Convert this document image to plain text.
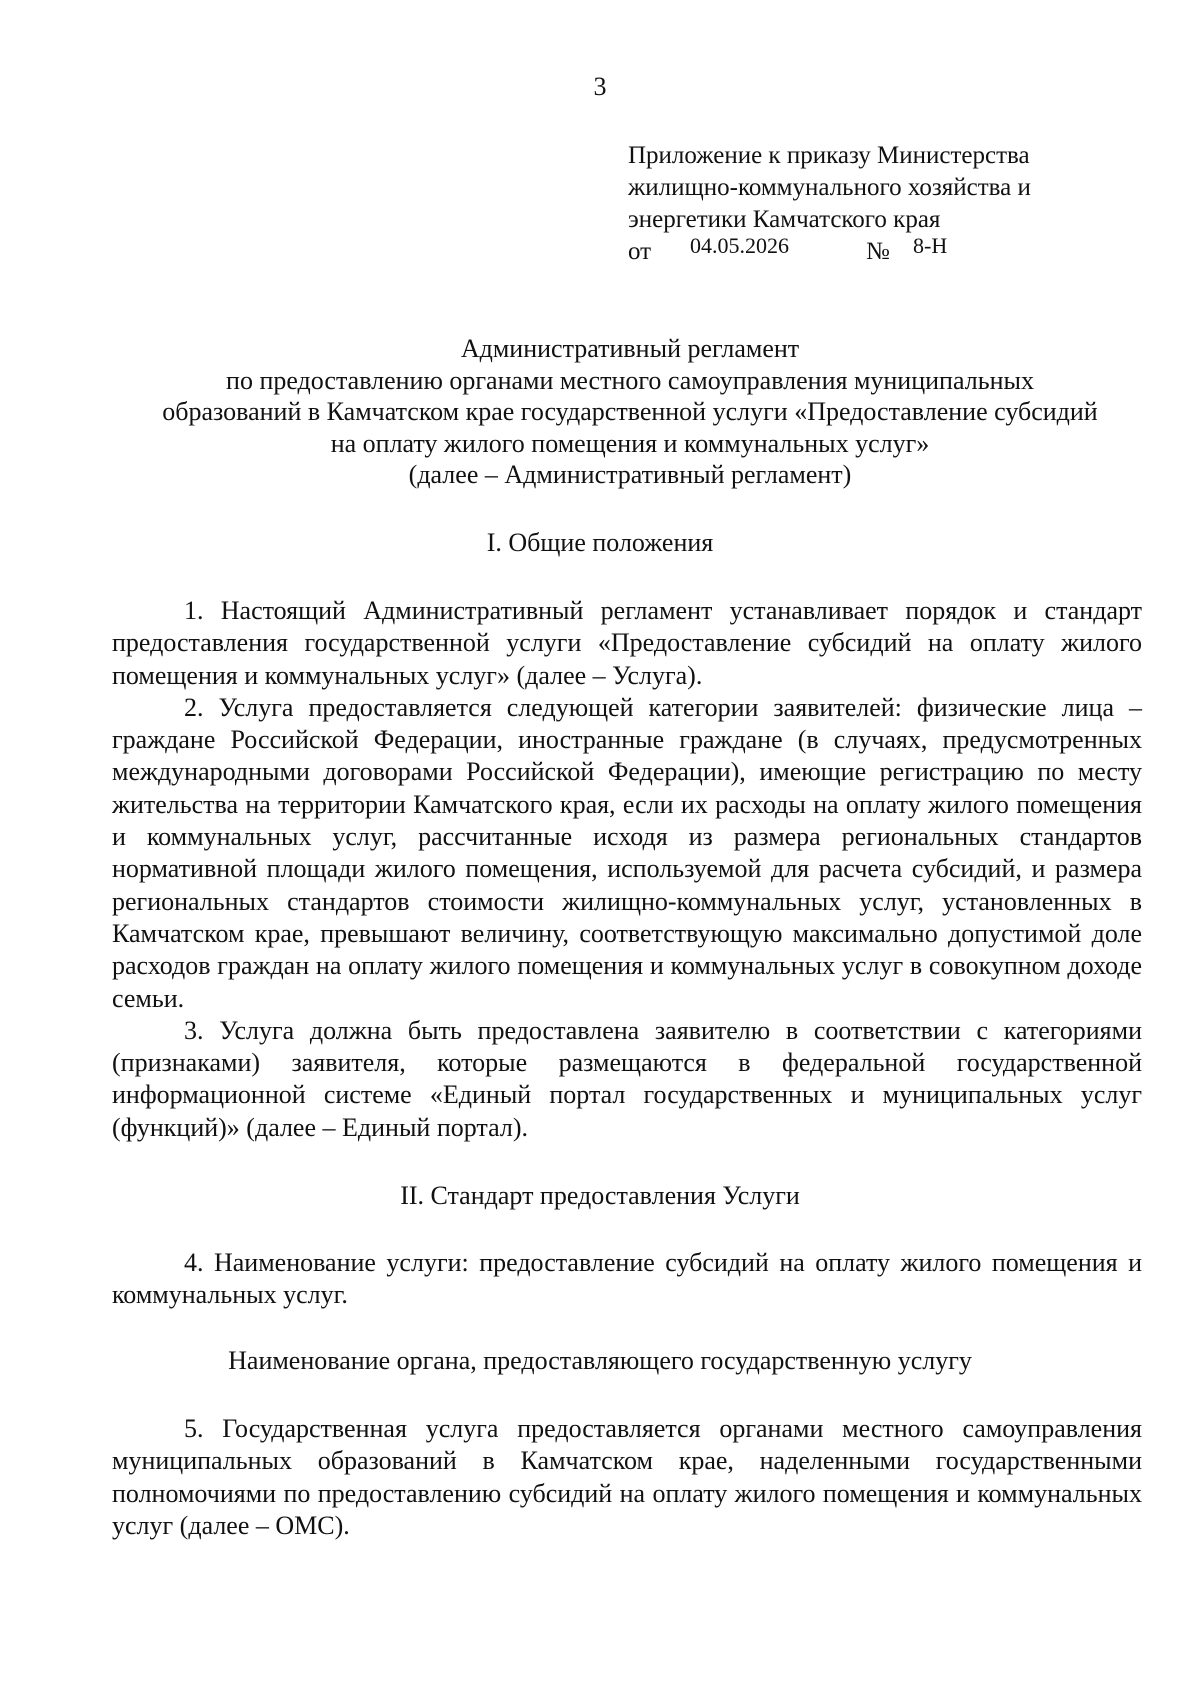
3
Приложение к приказу Министерства
жилищно-коммунального хозяйства и
энергетики Камчатского края
от 04.05.2026	№ 8-Н
Административный регламент
по предоставлению органами местного самоуправления муниципальных
образований в Камчатском крае государственной услуги «Предоставление субсидий
на оплату жилого помещения и коммунальных услуг»
(далее – Административный регламент)
I. Общие положения

1. Настоящий Административный регламент устанавливает порядок и стандарт предоставления государственной услуги «Предоставление субсидий на оплату жилого помещения и коммунальных услуг» (далее – Услуга).

2. Услуга предоставляется следующей категории заявителей: физические лица – граждане Российской Федерации, иностранные граждане (в случаях, предусмотренных международными договорами Российской Федерации), имеющие регистрацию по месту жительства на территории Камчатского края, если их расходы на оплату жилого помещения и коммунальных услуг, рассчитанные исходя из размера региональных стандартов нормативной площади жилого помещения, используемой для расчета субсидий, и размера региональных стандартов стоимости жилищно-коммунальных услуг, установленных в Камчатском крае, превышают величину, соответствующую максимально допустимой доле расходов граждан на оплату жилого помещения и коммунальных услуг в совокупном доходе семьи.

3. Услуга должна быть предоставлена заявителю в соответствии с категориями (признаками) заявителя, которые размещаются в федеральной государственной информационной системе «Единый портал государственных и муниципальных услуг (функций)» (далее – Единый портал).

II. Стандарт предоставления Услуги

4. Наименование услуги: предоставление субсидий на оплату жилого помещения и коммунальных услуг.

Наименование органа, предоставляющего государственную услугу

5. Государственная услуга предоставляется органами местного самоуправления муниципальных образований в Камчатском крае, наделенными государственными полномочиями по предоставлению субсидий на оплату жилого помещения и коммунальных услуг (далее – ОМС).
